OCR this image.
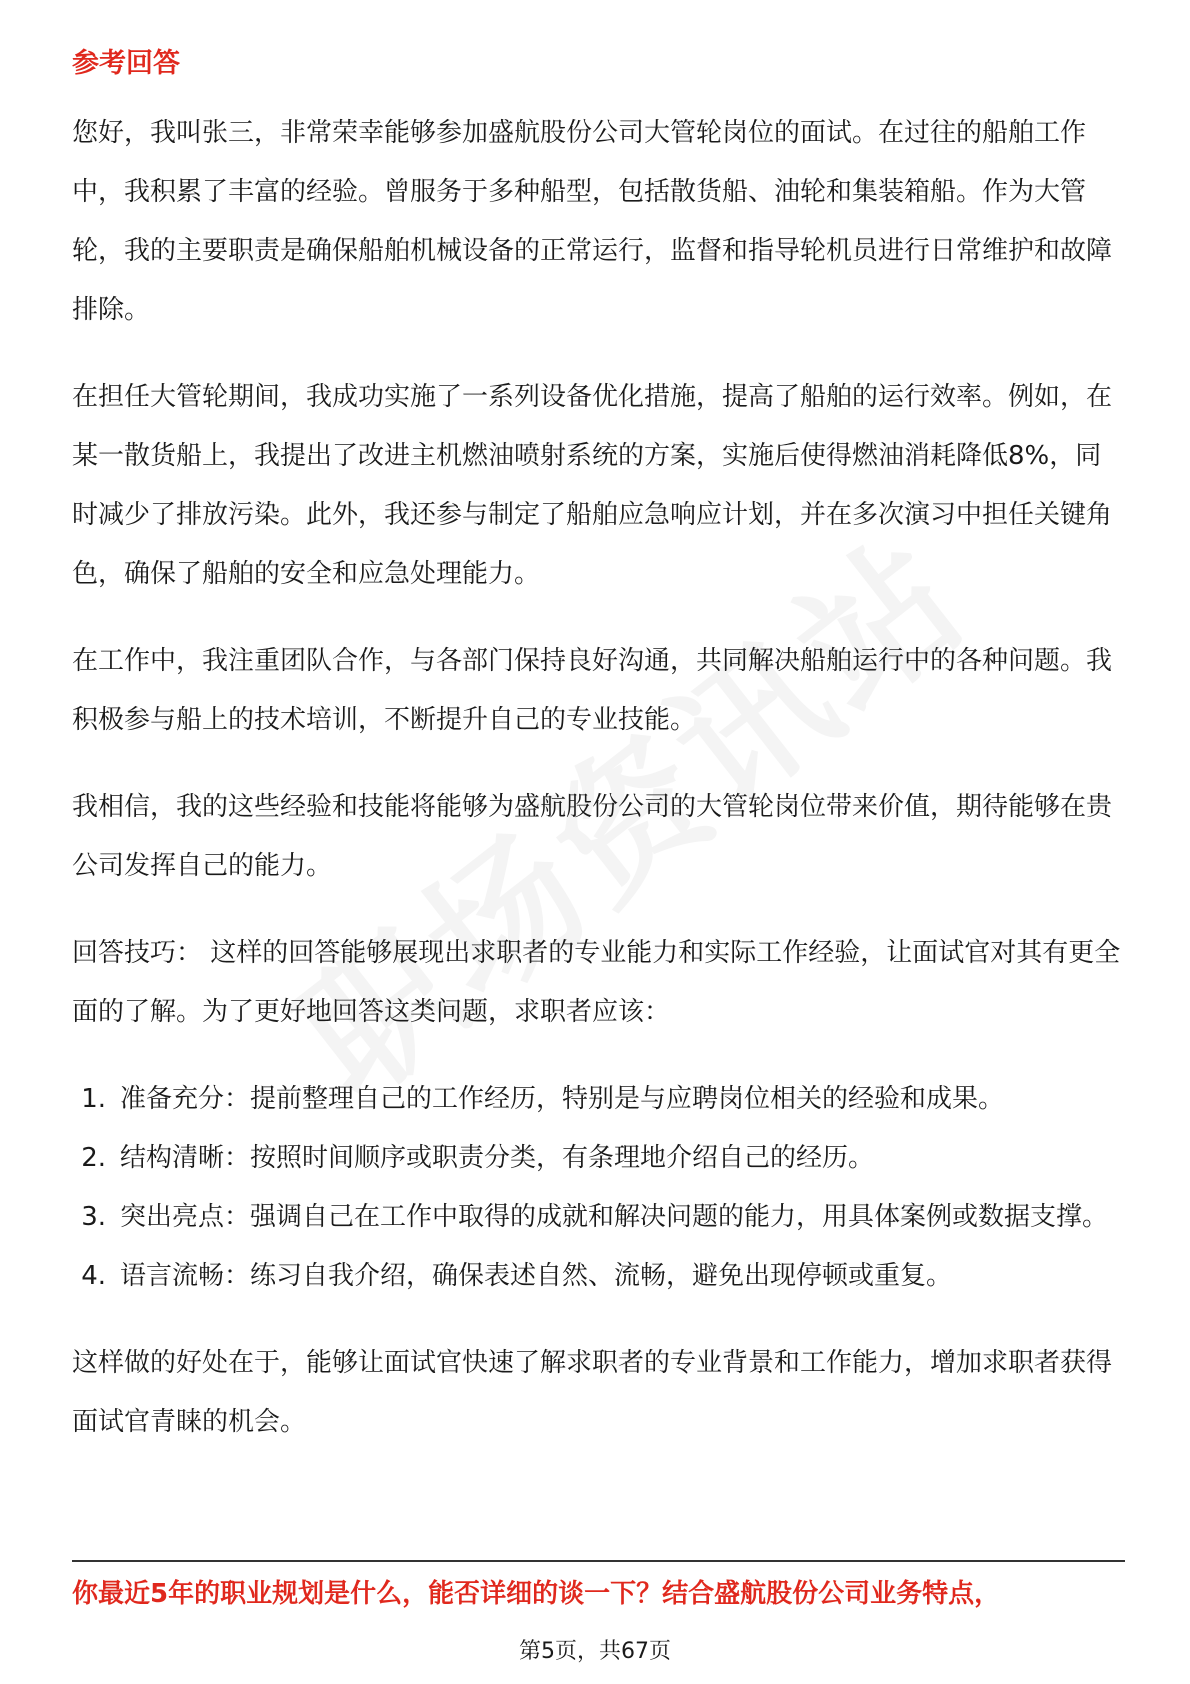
参考回答

您好，我叫张三，非常荣幸能够参加盛航股份公司大管轮岗位的面试。在过往的船舶工作中，我积累了丰富的经验。曾服务于多种船型，包括散货船、油轮和集装箱船。作为大管轮，我的主要职责是确保船舶机械设备的正常运行，监督和指导轮机员进行日常维护和故障排除。

在担任大管轮期间，我成功实施了一系列设备优化措施，提高了船舶的运行效率。例如，在某一散货船上，我提出了改进主机燃油喷射系统的方案，实施后使得燃油消耗降低8%，同时减少了排放污染。此外，我还参与制定了船舶应急响应计划，并在多次演习中担任关键角色，确保了船舶的安全和应急处理能力。

在工作中，我注重团队合作，与各部门保持良好沟通，共同解决船舶运行中的各种问题。我积极参与船上的技术培训，不断提升自己的专业技能。

我相信，我的这些经验和技能将能够为盛航股份公司的大管轮岗位带来价值，期待能够在贵公司发挥自己的能力。

回答技巧： 这样的回答能够展现出求职者的专业能力和实际工作经验，让面试官对其有更全面的了解。为了更好地回答这类问题，求职者应该：

1. 准备充分：提前整理自己的工作经历，特别是与应聘岗位相关的经验和成果。
2. 结构清晰：按照时间顺序或职责分类，有条理地介绍自己的经历。
3. 突出亮点：强调自己在工作中取得的成就和解决问题的能力，用具体案例或数据支撑。
4. 语言流畅：练习自我介绍，确保表述自然、流畅，避免出现停顿或重复。

这样做的好处在于，能够让面试官快速了解求职者的专业背景和工作能力，增加求职者获得面试官青睐的机会。

你最近5年的职业规划是什么，能否详细的谈一下？结合盛航股份公司业务特点，
第5页，共67页
